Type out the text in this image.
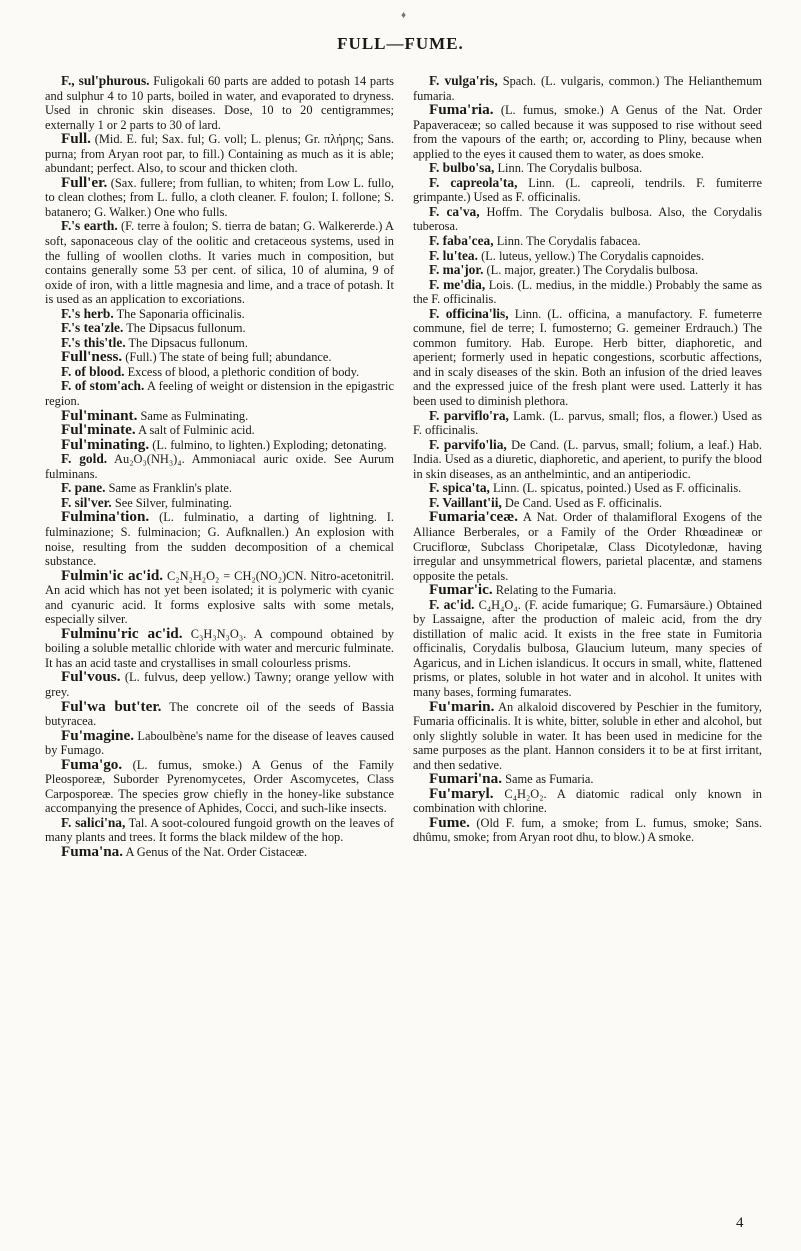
♦
FULL—FUME.

F., sul'phurous. Fuligokali 60 parts are added to potash 14 parts and sulphur 4 to 10 parts, boiled in water, and evaporated to dryness. Used in chronic skin diseases. Dose, 10 to 20 centigrammes; externally 1 or 2 parts to 30 of lard.

Full. (Mid. E. ful; Sax. ful; G. voll; L. plenus; Gr. πλήρης; Sans. purna; from Aryan root par, to fill.) Containing as much as it is able; abundant; perfect. Also, to scour and thicken cloth.

Full'er. (Sax. fullere; from fullian, to whiten; from Low L. fullo, to clean clothes; from L. fullo, a cloth cleaner. F. foulon; I. follone; S. batanero; G. Walker.) One who fulls.

F.'s earth. (F. terre à foulon; S. tierra de batan; G. Walkererde.) A soft, saponaceous clay of the oolitic and cretaceous systems, used in the fulling of woollen cloths. It varies much in composition, but contains generally some 53 per cent. of silica, 10 of alumina, 9 of oxide of iron, with a little magnesia and lime, and a trace of potash. It is used as an application to excoriations.

F.'s herb. The Saponaria officinalis.

F.'s tea'zle. The Dipsacus fullonum.

F.'s this'tle. The Dipsacus fullonum.

Full'ness. (Full.) The state of being full; abundance.

F. of blood. Excess of blood, a plethoric condition of body.

F. of stom'ach. A feeling of weight or distension in the epigastric region.

Ful'minant. Same as Fulminating.

Ful'minate. A salt of Fulminic acid.

Ful'minating. (L. fulmino, to lighten.) Exploding; detonating.

F. gold. Au₂O₃(NH₃)₄. Ammoniacal auric oxide. See Aurum fulminans.

F. pane. Same as Franklin's plate.

F. sil'ver. See Silver, fulminating.

Fulmina'tion. (L. fulminatio, a darting of lightning. I. fulminazione; S. fulminacion; G. Aufknallen.) An explosion with noise, resulting from the sudden decomposition of a chemical substance.

Fulmin'ic ac'id. C₂N₂H₂O₂ = CH₂(NO₂)CN. Nitro-acetonitril. An acid which has not yet been isolated; it is polymeric with cyanic and cyanuric acid. It forms explosive salts with some metals, especially silver.

Fulminu'ric ac'id. C₃H₃N₃O₃. A compound obtained by boiling a soluble metallic chloride with water and mercuric fulminate. It has an acid taste and crystallises in small colourless prisms.

Ful'vous. (L. fulvus, deep yellow.) Tawny; orange yellow with grey.

Ful'wa but'ter. The concrete oil of the seeds of Bassia butyracea.

Fu'magine. Laboulbène's name for the disease of leaves caused by Fumago.

Fuma'go. (L. fumus, smoke.) A Genus of the Family Pleosporeæ, Suborder Pyrenomycetes, Order Ascomycetes, Class Carposporeæ. The species grow chiefly in the honey-like substance accompanying the presence of Aphides, Cocci, and such-like insects.

F. salici'na, Tal. A soot-coloured fungoid growth on the leaves of many plants and trees. It forms the black mildew of the hop.

Fuma'na. A Genus of the Nat. Order Cistaceæ.

F. vulga'ris, Spach. (L. vulgaris, common.) The Helianthemum fumaria.

Fuma'ria. (L. fumus, smoke.) A Genus of the Nat. Order Papaveraceæ; so called because it was supposed to rise without seed from the vapours of the earth; or, according to Pliny, because when applied to the eyes it caused them to water, as does smoke.

F. bulbo'sa, Linn. The Corydalis bulbosa.

F. capreola'ta, Linn. (L. capreoli, tendrils. F. fumiterre grimpante.) Used as F. officinalis.

F. ca'va, Hoffm. The Corydalis bulbosa. Also, the Corydalis tuberosa.

F. faba'cea, Linn. The Corydalis fabacea.

F. lu'tea. (L. luteus, yellow.) The Corydalis capnoides.

F. ma'jor. (L. major, greater.) The Corydalis bulbosa.

F. me'dia, Lois. (L. medius, in the middle.) Probably the same as the F. officinalis.

F. officina'lis, Linn. (L. officina, a manufactory. F. fumeterre commune, fiel de terre; I. fumosterno; G. gemeiner Erdrauch.) The common fumitory. Hab. Europe. Herb bitter, diaphoretic, and aperient; formerly used in hepatic congestions, scorbutic affections, and in scaly diseases of the skin. Both an infusion of the dried leaves and the expressed juice of the fresh plant were used. Latterly it has been used to diminish plethora.

F. parviflo'ra, Lamk. (L. parvus, small; flos, a flower.) Used as F. officinalis.

F. parvifo'lia, De Cand. (L. parvus, small; folium, a leaf.) Hab. India. Used as a diuretic, diaphoretic, and aperient, to purify the blood in skin diseases, as an anthelmintic, and an antiperiodic.

F. spica'ta, Linn. (L. spicatus, pointed.) Used as F. officinalis.

F. Vaillant'ii, De Cand. Used as F. officinalis.

Fumaria'ceæ. A Nat. Order of thalamifloral Exogens of the Alliance Berberales, or a Family of the Order Rhœadineæ or Cruciflorœ, Subclass Choripetalæ, Class Dicotyledonæ, having irregular and unsymmetrical flowers, parietal placentæ, and stamens opposite the petals.

Fumar'ic. Relating to the Fumaria.

F. ac'id. C₄H₄O₄. (F. acide fumarique; G. Fumarsäure.) Obtained by Lassaigne, after the production of maleic acid, from the dry distillation of malic acid. It exists in the free state in Fumitoria officinalis, Corydalis bulbosa, Glaucium luteum, many species of Agaricus, and in Lichen islandicus. It occurs in small, white, flattened prisms, or plates, soluble in hot water and in alcohol. It unites with many bases, forming fumarates.

Fu'marin. An alkaloid discovered by Peschier in the fumitory, Fumaria officinalis. It is white, bitter, soluble in ether and alcohol, but only slightly soluble in water. It has been used in medicine for the same purposes as the plant. Hannon considers it to be at first irritant, and then sedative.

Fumari'na. Same as Fumaria.

Fu'maryl. C₄H₂O₂. A diatomic radical only known in combination with chlorine.

Fume. (Old F. fum, a smoke; from L. fumus, smoke; Sans. dhûmu, smoke; from Aryan root dhu, to blow.) A smoke.

4
